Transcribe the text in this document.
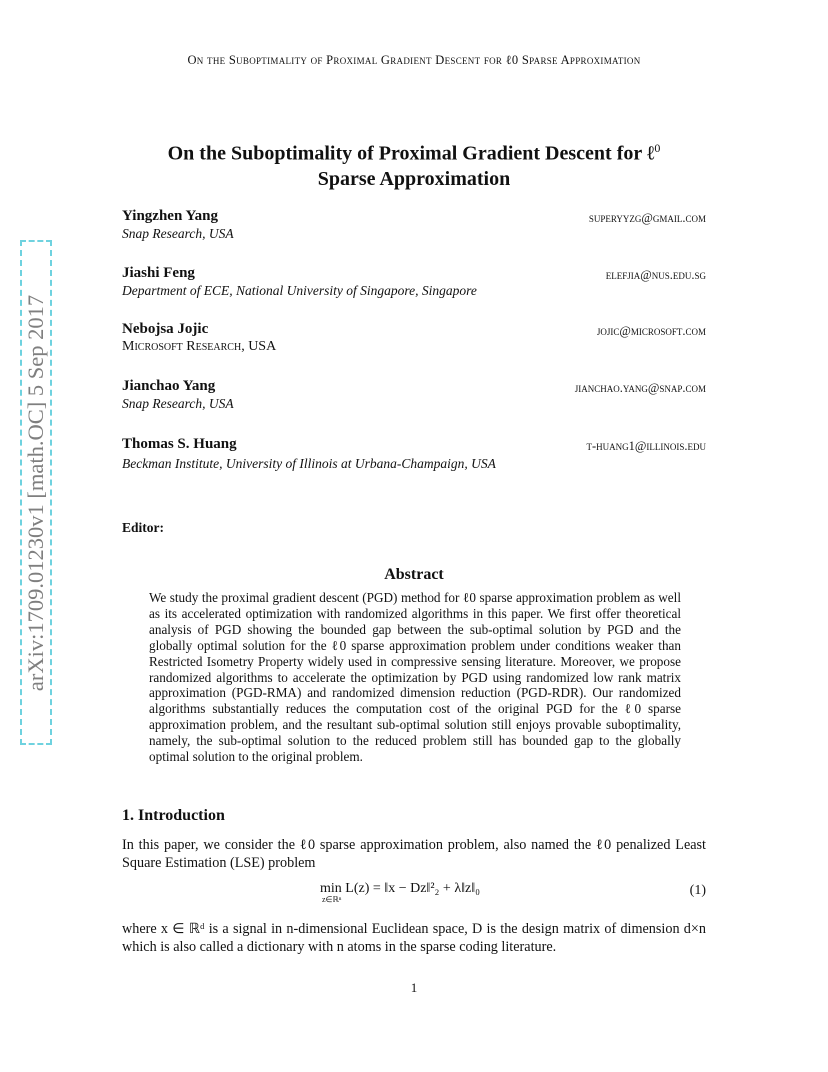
On the Suboptimality of Proximal Gradient Descent for ℓ0 Sparse Approximation
On the Suboptimality of Proximal Gradient Descent for ℓ$^0$
Sparse Approximation
Yingzhen Yang	superyyzg@gmail.com
Snap Research, USA
Jiashi Feng	elefjia@nus.edu.sg
Department of ECE, National University of Singapore, Singapore
Nebojsa Jojic	jojic@microsoft.com
Microsoft Research, USA
Jianchao Yang	jianchao.yang@snap.com
Snap Research, USA
Thomas S. Huang	t-huang1@illinois.edu
Beckman Institute, University of Illinois at Urbana-Champaign, USA
Editor:
Abstract
We study the proximal gradient descent (PGD) method for ℓ0 sparse approximation problem as well as its accelerated optimization with randomized algorithms in this paper. We first offer theoretical analysis of PGD showing the bounded gap between the sub-optimal solution by PGD and the globally optimal solution for the ℓ0 sparse approximation problem under conditions weaker than Restricted Isometry Property widely used in compressive sensing literature. Moreover, we propose randomized algorithms to accelerate the optimization by PGD using randomized low rank matrix approximation (PGD-RMA) and randomized dimension reduction (PGD-RDR). Our randomized algorithms substantially reduces the computation cost of the original PGD for the ℓ0 sparse approximation problem, and the resultant sub-optimal solution still enjoys provable suboptimality, namely, the sub-optimal solution to the reduced problem still has bounded gap to the globally optimal solution to the original problem.
1. Introduction
In this paper, we consider the ℓ0 sparse approximation problem, also named the ℓ0 penalized Least Square Estimation (LSE) problem
min L(z) = ‖x − Dz‖²₂ + λ‖z‖₀
z∈ℝⁿ
(1)
where x ∈ ℝᵈ is a signal in n-dimensional Euclidean space, D is the design matrix of dimension d×n which is also called a dictionary with n atoms in the sparse coding literature.
1
arXiv:1709.01230v1 [math.OC] 5 Sep 2017
